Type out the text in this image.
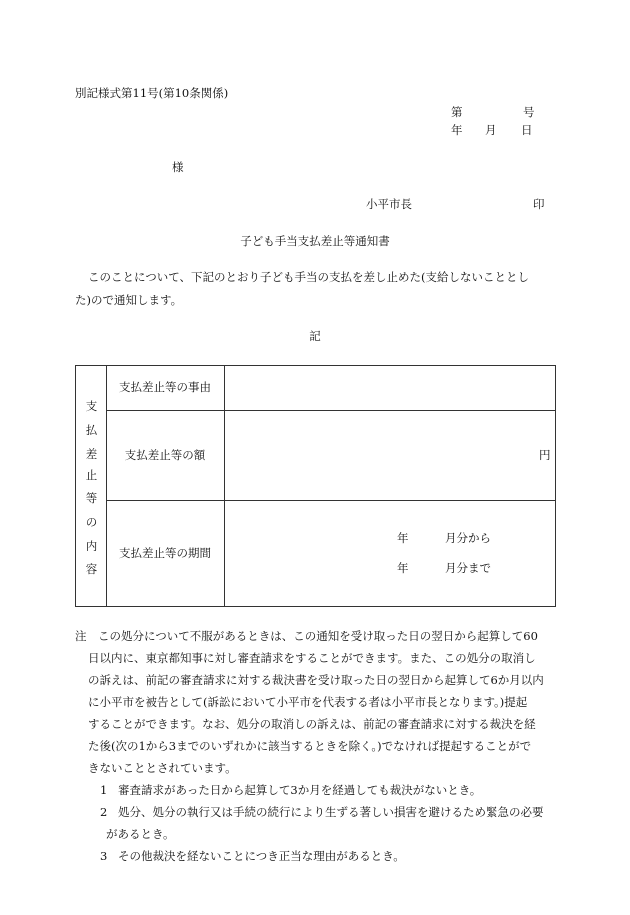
別記様式第11号(第10条関係)
第	号
年 月 日
様
小平市長	印
子ども手当支払差止等通知書
このことについて、下記のとおり子ども手当の支払を差し止めた(支給しないこととし
た)ので通知します。
記
支
払
差
止
等
の
内
容
支払差止等の事由
支払差止等の額	円
支払差止等の期間
年	月分から
年	月分まで
注　この処分について不服があるときは、この通知を受け取った日の翌日から起算して60
日以内に、東京都知事に対し審査請求をすることができます。また、この処分の取消し
の訴えは、前記の審査請求に対する裁決書を受け取った日の翌日から起算して6か月以内
に小平市を被告として(訴訟において小平市を代表する者は小平市長となります。)提起
することができます。なお、処分の取消しの訴えは、前記の審査請求に対する裁決を経
た後(次の1から3までのいずれかに該当するときを除く。)でなければ提起することがで
きないこととされています。
1 審査請求があった日から起算して3か月を経過しても裁決がないとき。
2 処分、処分の執行又は手続の続行により生ずる著しい損害を避けるため緊急の必要
があるとき。
3 その他裁決を経ないことにつき正当な理由があるとき。
